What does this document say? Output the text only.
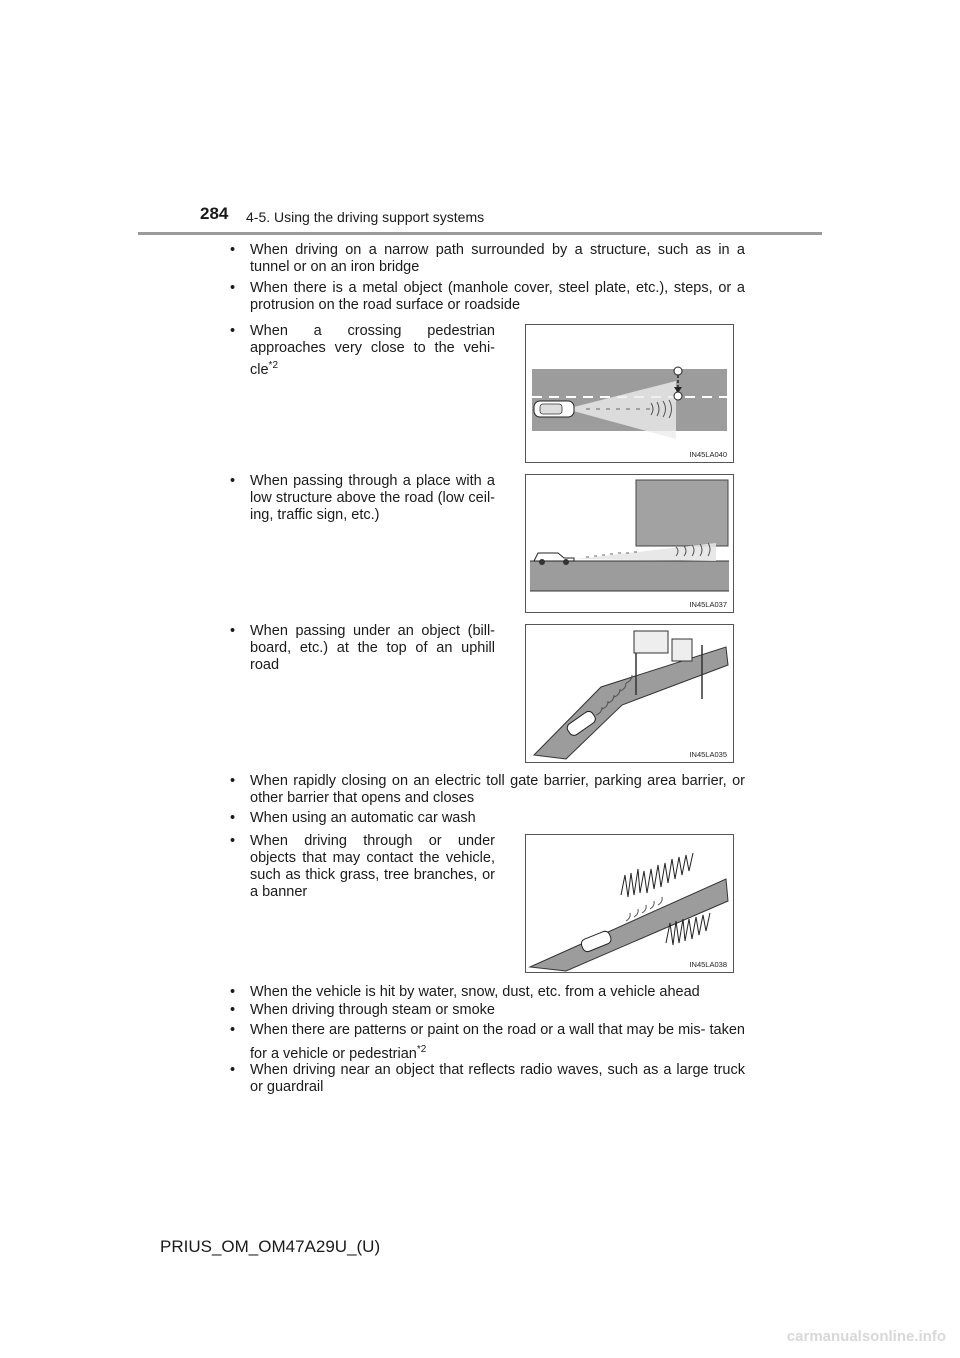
284 4-5. Using the driving support systems
•	When driving on a narrow path surrounded by a structure, such as in a tunnel or on an iron bridge
•	When there is a metal object (manhole cover, steel plate, etc.), steps, or a protrusion on the road surface or roadside
•	When a crossing pedestrian approaches very close to the vehi- cle$^{*2}$
IN45LA040
•	When passing through a place with a low structure above the road (low ceil- ing, traffic sign, etc.)
IN45LA037
•	When passing under an object (bill- board, etc.) at the top of an uphill road
IN45LA035
•	When rapidly closing on an electric toll gate barrier, parking area barrier, or other barrier that opens and closes
•	When using an automatic car wash
•	When driving through or under objects that may contact the vehicle, such as thick grass, tree branches, or a banner
IN45LA038
•	When the vehicle is hit by water, snow, dust, etc. from a vehicle ahead
•	When driving through steam or smoke
•	When there are patterns or paint on the road or a wall that may be mis- taken for a vehicle or pedestrian$^{*2}$
•	When driving near an object that reflects radio waves, such as a large truck or guardrail
PRIUS_OM_OM47A29U_(U)
carmanualsonline.info
